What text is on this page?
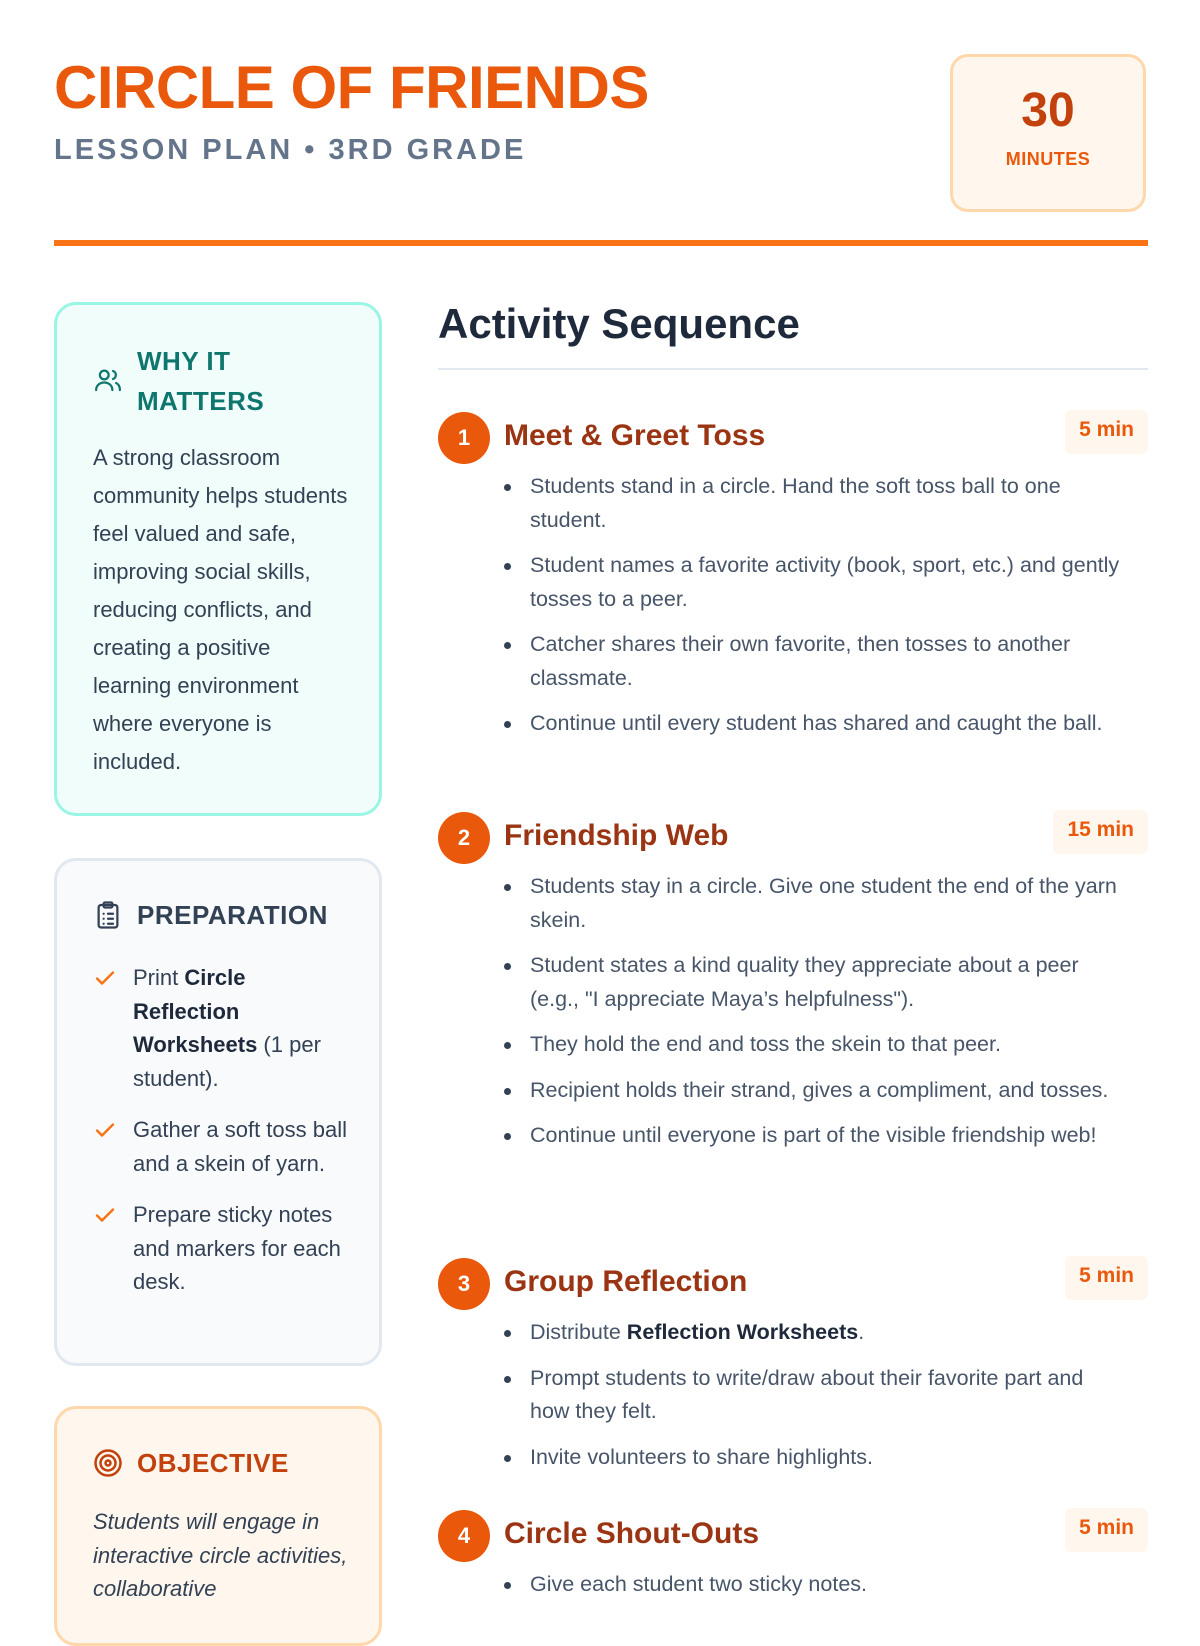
CIRCLE OF FRIENDS
LESSON PLAN • 3RD GRADE
30
MINUTES
WHY IT MATTERS

A strong classroom community helps students feel valued and safe, improving social skills, reducing conflicts, and creating a positive learning environment where everyone is included.

PREPARATION
Print Circle Reflection Worksheets (1 per student).
Gather a soft toss ball and a skein of yarn.
Prepare sticky notes and markers for each desk.
OBJECTIVE

Students will engage in interactive circle activities, collaborative

Activity Sequence
1	Meet & Greet Toss	5 min
Students stand in a circle. Hand the soft toss ball to one student.
Student names a favorite activity (book, sport, etc.) and gently tosses to a peer.
Catcher shares their own favorite, then tosses to another classmate.
Continue until every student has shared and caught the ball.
2	Friendship Web	15 min
Students stay in a circle. Give one student the end of the yarn skein.
Student states a kind quality they appreciate about a peer (e.g., "I appreciate Maya’s helpfulness").
They hold the end and toss the skein to that peer.
Recipient holds their strand, gives a compliment, and tosses.
Continue until everyone is part of the visible friendship web!
3	Group Reflection	5 min
Distribute Reflection Worksheets.
Prompt students to write/draw about their favorite part and how they felt.
Invite volunteers to share highlights.
4	Circle Shout-Outs	5 min
Give each student two sticky notes.
